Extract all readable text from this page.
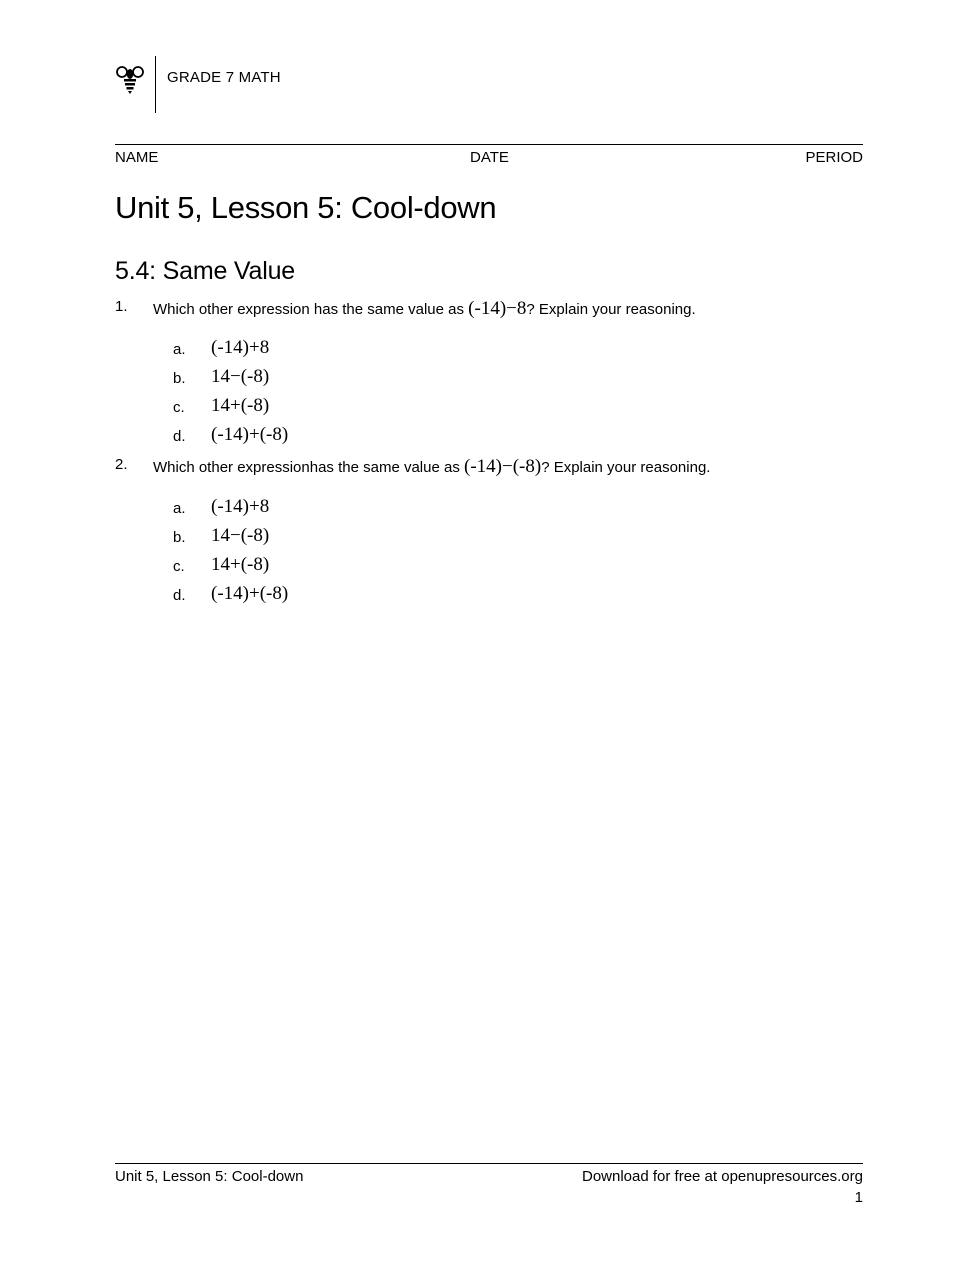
GRADE 7 MATH
NAME	DATE	PERIOD
Unit 5, Lesson 5: Cool-down
5.4: Same Value
1. Which other expression has the same value as (-14)−8? Explain your reasoning.
a. (-14)+8
b. 14−(-8)
c. 14+(-8)
d. (-14)+(-8)
2. Which other expressionhas the same value as (-14)−(-8)? Explain your reasoning.
a. (-14)+8
b. 14−(-8)
c. 14+(-8)
d. (-14)+(-8)
Unit 5, Lesson 5: Cool-down	Download for free at openupresources.org
1
